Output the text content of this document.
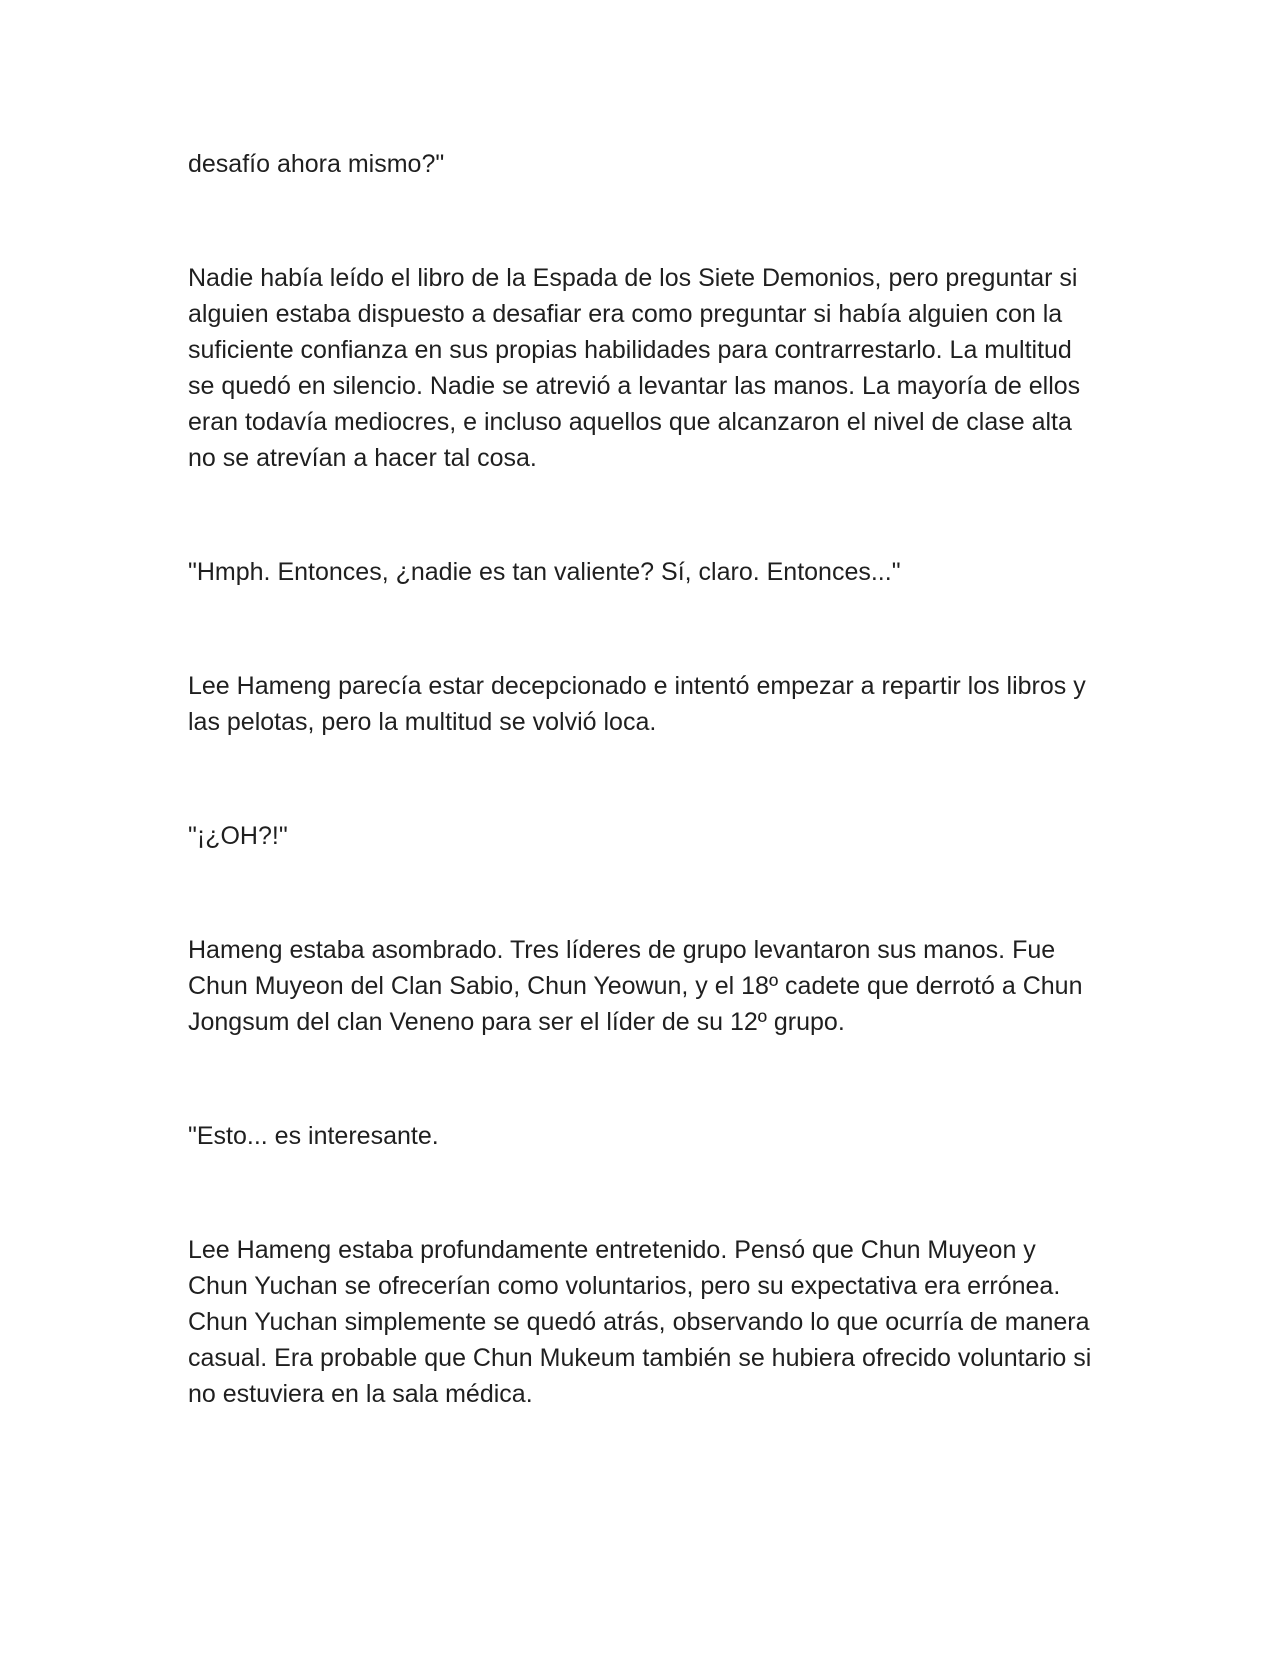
desafío ahora mismo?"

Nadie había leído el libro de la Espada de los Siete Demonios, pero preguntar si alguien estaba dispuesto a desafiar era como preguntar si había alguien con la suficiente confianza en sus propias habilidades para contrarrestarlo. La multitud se quedó en silencio. Nadie se atrevió a levantar las manos. La mayoría de ellos eran todavía mediocres, e incluso aquellos que alcanzaron el nivel de clase alta no se atrevían a hacer tal cosa.

"Hmph. Entonces, ¿nadie es tan valiente? Sí, claro. Entonces..."

Lee Hameng parecía estar decepcionado e intentó empezar a repartir los libros y las pelotas, pero la multitud se volvió loca.

"¡¿OH?!"

Hameng estaba asombrado. Tres líderes de grupo levantaron sus manos. Fue Chun Muyeon del Clan Sabio, Chun Yeowun, y el 18º cadete que derrotó a Chun Jongsum del clan Veneno para ser el líder de su 12º grupo.

"Esto... es interesante.

Lee Hameng estaba profundamente entretenido. Pensó que Chun Muyeon y Chun Yuchan se ofrecerían como voluntarios, pero su expectativa era errónea. Chun Yuchan simplemente se quedó atrás, observando lo que ocurría de manera casual. Era probable que Chun Mukeum también se hubiera ofrecido voluntario si no estuviera en la sala médica.
